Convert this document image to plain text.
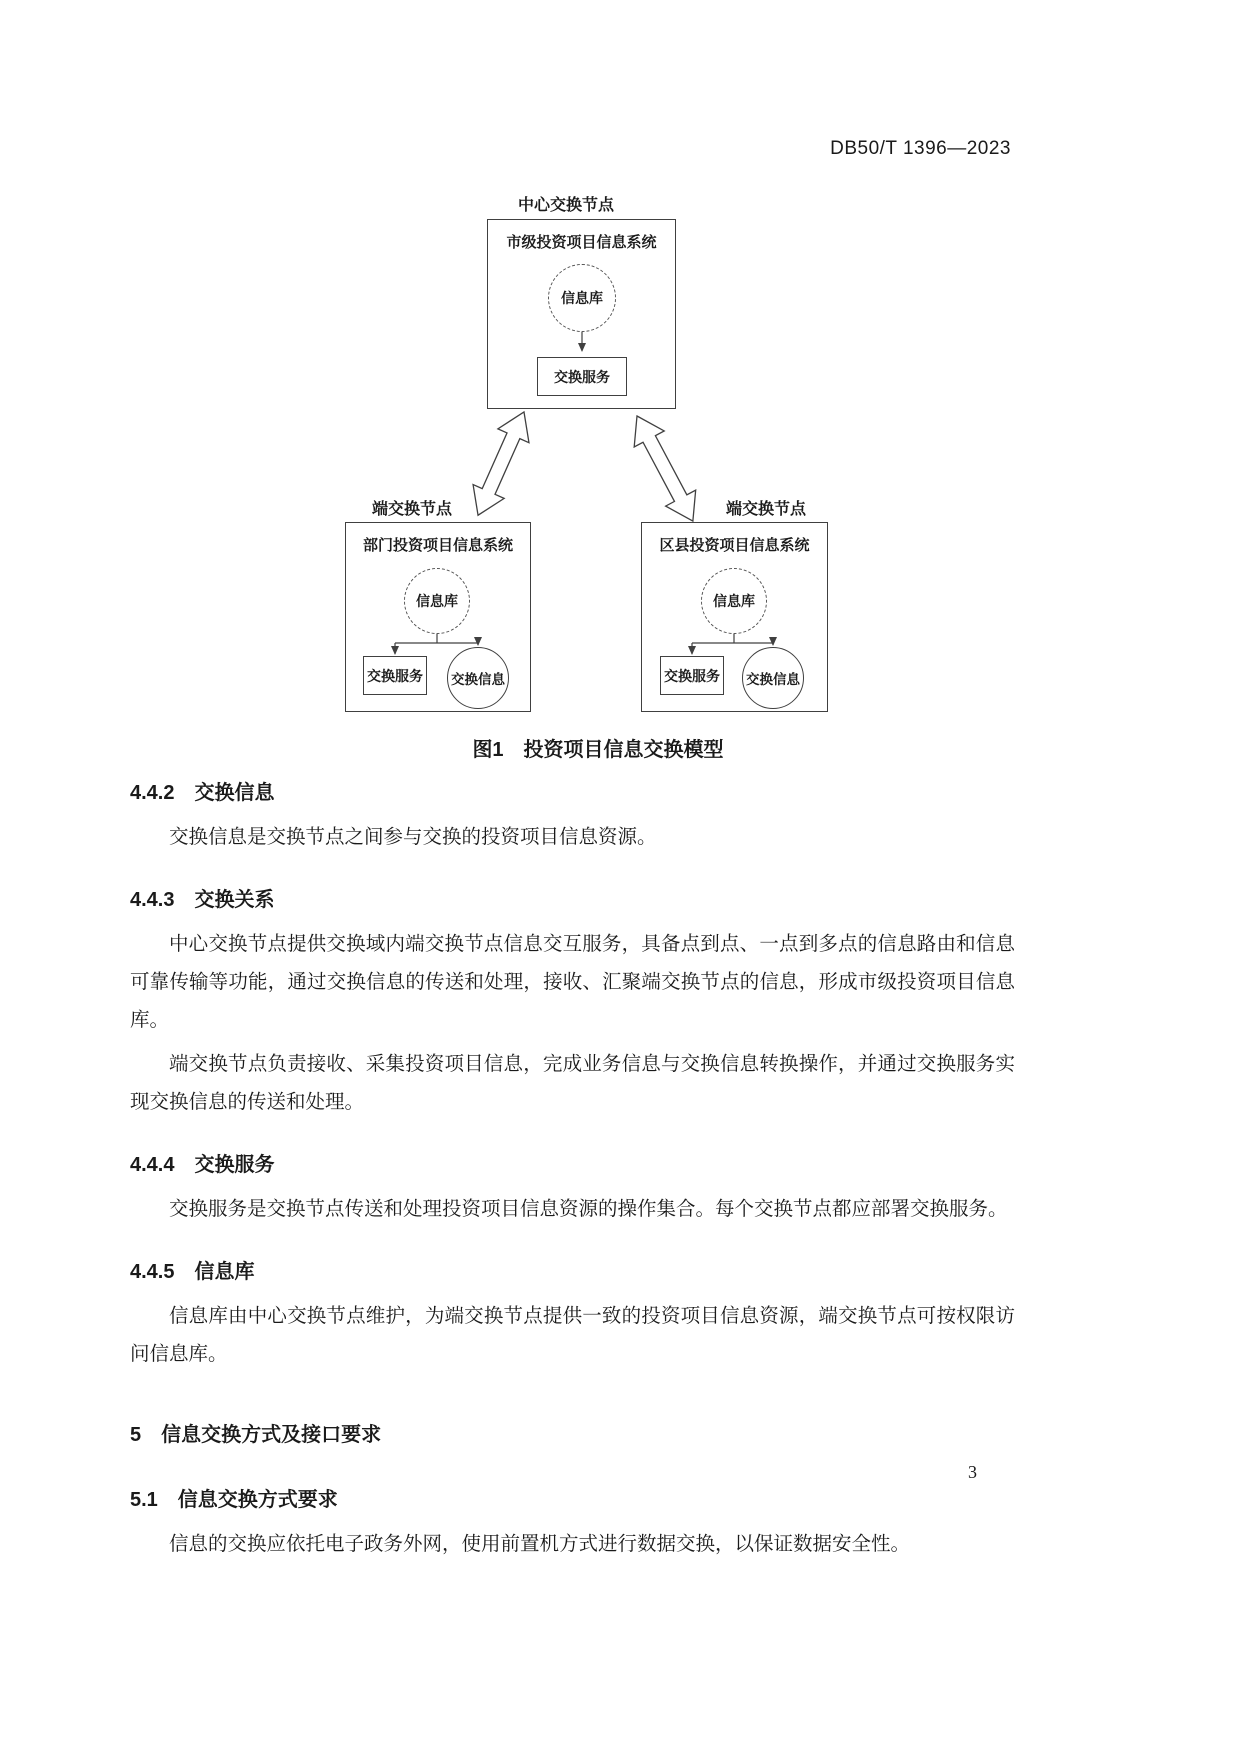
DB50/T 1396—2023
中心交换节点
市级投资项目信息系统
信息库
交换服务
端交换节点
部门投资项目信息系统
信息库
交换服务 交换信息
端交换节点
区县投资项目信息系统
信息库
交换服务 交换信息
图1　投资项目信息交换模型
4.4.2　交换信息

交换信息是交换节点之间参与交换的投资项目信息资源。

4.4.3　交换关系

中心交换节点提供交换域内端交换节点信息交互服务，具备点到点、一点到多点的信息路由和信息可靠传输等功能，通过交换信息的传送和处理，接收、汇聚端交换节点的信息，形成市级投资项目信息库。

端交换节点负责接收、采集投资项目信息，完成业务信息与交换信息转换操作，并通过交换服务实现交换信息的传送和处理。

4.4.4　交换服务

交换服务是交换节点传送和处理投资项目信息资源的操作集合。每个交换节点都应部署交换服务。

4.4.5　信息库

信息库由中心交换节点维护，为端交换节点提供一致的投资项目信息资源，端交换节点可按权限访问信息库。

5　信息交换方式及接口要求
5.1　信息交换方式要求

信息的交换应依托电子政务外网，使用前置机方式进行数据交换，以保证数据安全性。

3
